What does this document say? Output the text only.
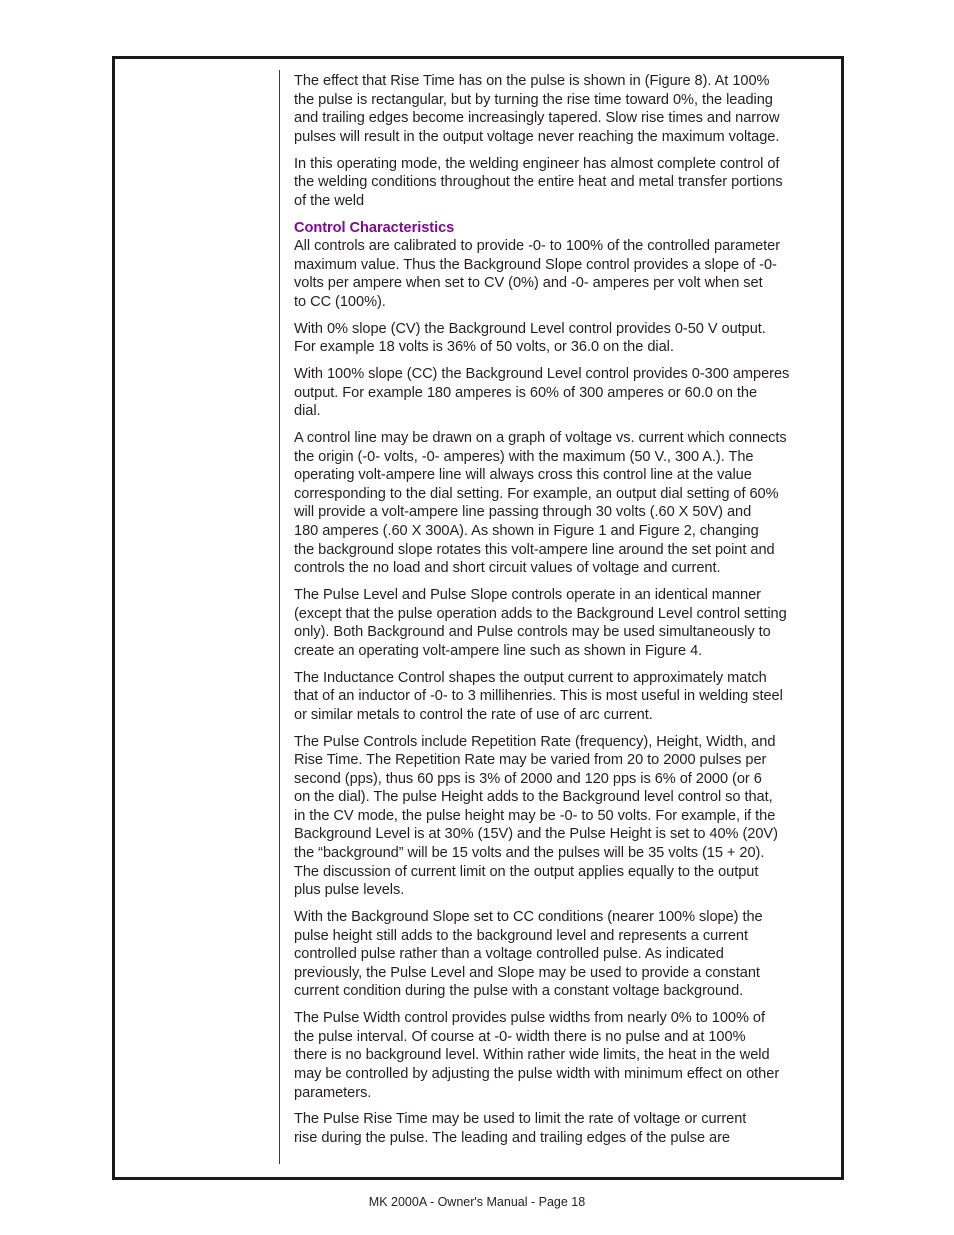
The effect that Rise Time has on the pulse is shown in (Figure 8). At 100%
the pulse is rectangular, but by turning the rise time toward 0%, the leading
and trailing edges become increasingly tapered. Slow rise times and narrow
pulses will result in the output voltage never reaching the maximum voltage.

In this operating mode, the welding engineer has almost complete control of
the welding conditions throughout the entire heat and metal transfer portions
of the weld

Control Characteristics

All controls are calibrated to provide -0- to 100% of the controlled parameter
maximum value. Thus the Background Slope control provides a slope of -0-
volts per ampere when set to CV (0%) and -0- amperes per volt when set
to CC (100%).

With 0% slope (CV) the Background Level control provides 0-50 V output.
For example 18 volts is 36% of 50 volts, or 36.0 on the dial.

With 100% slope (CC) the Background Level control provides 0-300 amperes
output. For example 180 amperes is 60% of 300 amperes or 60.0 on the
dial.

A control line may be drawn on a graph of voltage vs. current which connects
the origin (-0- volts, -0- amperes) with the maximum (50 V., 300 A.). The
operating volt-ampere line will always cross this control line at the value
corresponding to the dial setting. For example, an output dial setting of 60%
will provide a volt-ampere line passing through 30 volts (.60 X 50V) and
180 amperes (.60 X 300A). As shown in Figure 1 and Figure 2, changing
the background slope rotates this volt-ampere line around the set point and
controls the no load and short circuit values of voltage and current.

The Pulse Level and Pulse Slope controls operate in an identical manner
(except that the pulse operation adds to the Background Level control setting
only). Both Background and Pulse controls may be used simultaneously to
create an operating volt-ampere line such as shown in Figure 4.

The Inductance Control shapes the output current to approximately match
that of an inductor of -0- to 3 millihenries. This is most useful in welding steel
or similar metals to control the rate of use of arc current.

The Pulse Controls include Repetition Rate (frequency), Height, Width, and
Rise Time. The Repetition Rate may be varied from 20 to 2000 pulses per
second (pps), thus 60 pps is 3% of 2000 and 120 pps is 6% of 2000 (or 6
on the dial). The pulse Height adds to the Background level control so that,
in the CV mode, the pulse height may be -0- to 50 volts. For example, if the
Background Level is at 30% (15V) and the Pulse Height is set to 40% (20V)
the “background” will be 15 volts and the pulses will be 35 volts (15 + 20).
The discussion of current limit on the output applies equally to the output
plus pulse levels.

With the Background Slope set to CC conditions (nearer 100% slope) the
pulse height still adds to the background level and represents a current
controlled pulse rather than a voltage controlled pulse. As indicated
previously, the Pulse Level and Slope may be used to provide a constant
current condition during the pulse with a constant voltage background.

The Pulse Width control provides pulse widths from nearly 0% to 100% of
the pulse interval. Of course at -0- width there is no pulse and at 100%
there is no background level. Within rather wide limits, the heat in the weld
may be controlled by adjusting the pulse width with minimum effect on other
parameters.

The Pulse Rise Time may be used to limit the rate of voltage or current
rise during the pulse. The leading and trailing edges of the pulse are

MK 2000A - Owner's Manual - Page 18
